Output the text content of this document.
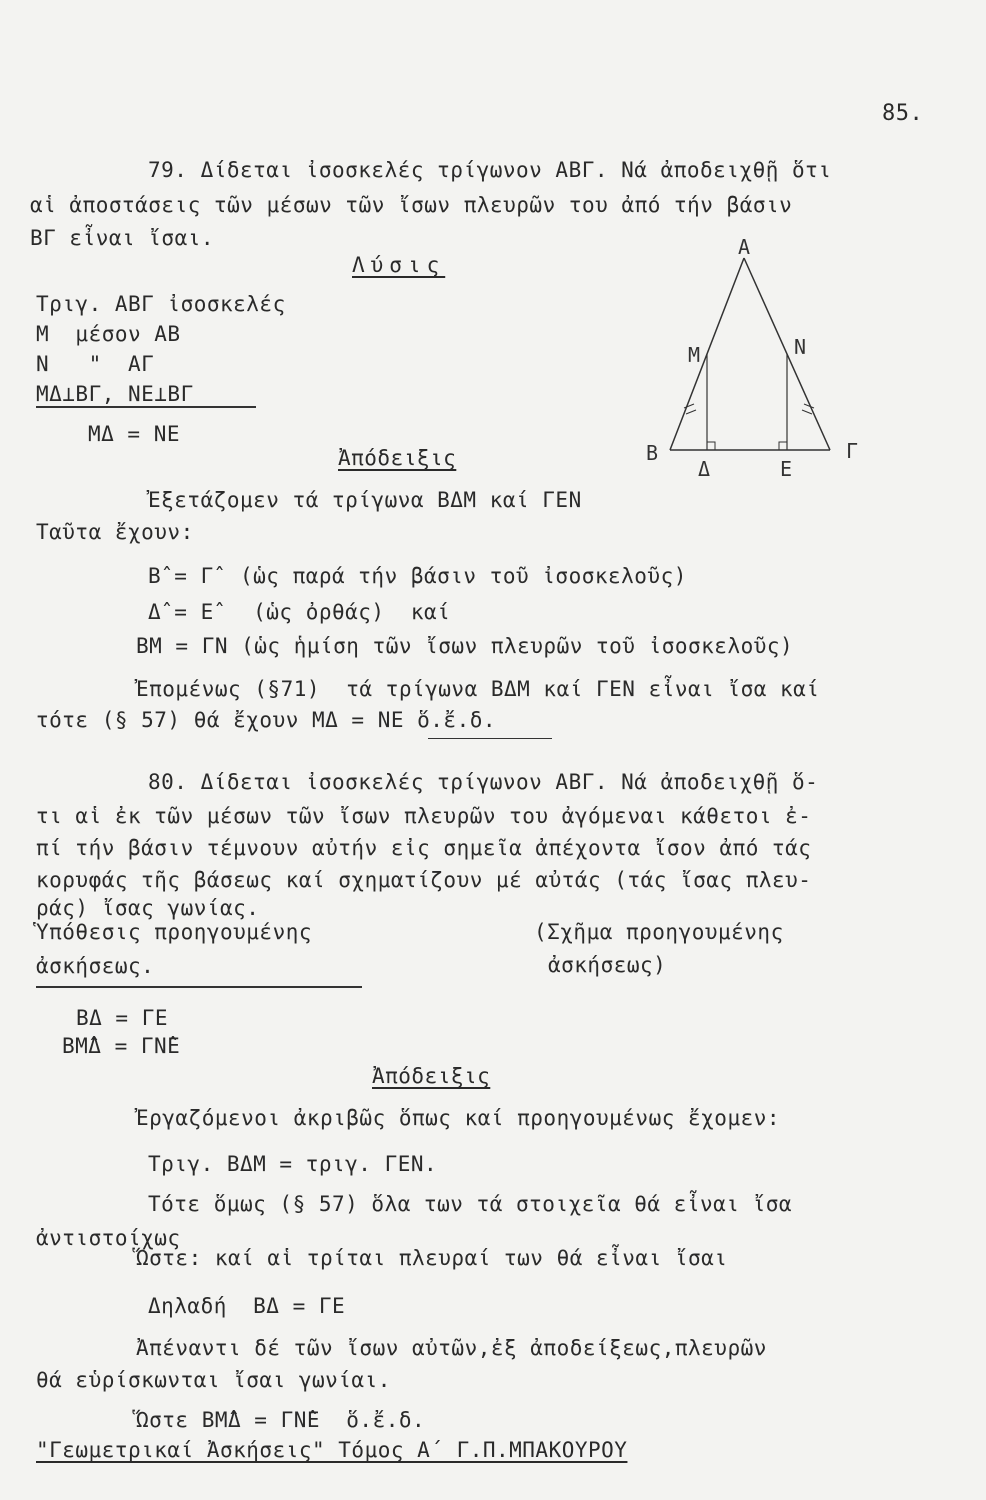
85.
79. Δίδεται ἰσοσκελές τρίγωνον ΑΒΓ. Νά ἀποδειχθῇ ὅτι
αἱ ἀποστάσεις τῶν μέσων τῶν ἴσων πλευρῶν του ἀπό τήν βάσιν
ΒΓ εἶναι ἴσαι.
Λύσις
Τριγ. ΑΒΓ ἰσοσκελές
Μ  μέσον ΑΒ
Ν   "  ΑΓ
ΜΔ⊥ΒΓ, ΝΕ⊥ΒΓ
ΜΔ = ΝΕ
Ἀπόδειξις
Ἐξετάζομεν τά τρίγωνα ΒΔΜ καί ΓΕΝ
Ταῦτα ἔχουν:
Β̂ = Γ̂  (ὡς παρά τήν βάσιν τοῦ ἰσοσκελοῦς)
Δ̂ = Ε̂   (ὡς ὀρθάς)  καί
ΒΜ = ΓΝ (ὡς ἡμίση τῶν ἴσων πλευρῶν τοῦ ἰσοσκελοῦς)
Ἐπομένως (§71)  τά τρίγωνα ΒΔΜ καί ΓΕΝ εἶναι ἴσα καί
τότε (§ 57) θά ἔχουν ΜΔ = ΝΕ ὅ.ἔ.δ.
Α
Β	Γ
Μ	Ν
Δ	Ε
80. Δίδεται ἰσοσκελές τρίγωνον ΑΒΓ. Νά ἀποδειχθῇ ὅ-
τι αἱ ἐκ τῶν μέσων τῶν ἴσων πλευρῶν του ἀγόμεναι κάθετοι ἐ-
πί τήν βάσιν τέμνουν αὐτήν εἰς σημεῖα ἀπέχοντα ἴσον ἀπό τάς
κορυφάς τῆς βάσεως καί σχηματίζουν μέ αὐτάς (τάς ἴσας πλευ-
ράς) ἴσας γωνίας.
Ὑπόθεσις προηγουμένης
ἀσκήσεως.
(Σχῆμα προηγουμένης
ἀσκήσεως)
ΒΔ = ΓΕ
ΒΜ̂Δ = ΓΝ̂Ε
Ἀπόδειξις
Ἐργαζόμενοι ἀκριβῶς ὅπως καί προηγουμένως ἔχομεν:
Τριγ. ΒΔΜ = τριγ. ΓΕΝ.
Τότε ὅμως (§ 57) ὅλα των τά στοιχεῖα θά εἶναι ἴσα
ἀντιστοίχως
Ὥστε: καί αἱ τρίται πλευραί των θά εἶναι ἴσαι
Δηλαδή  ΒΔ = ΓΕ
Ἀπέναντι δέ τῶν ἴσων αὐτῶν,ἐξ ἀποδείξεως,πλευρῶν
θά εὑρίσκωνται ἴσαι γωνίαι.
Ὥστε ΒΜ̂Δ = ΓΝ̂Ε  ὅ.ἔ.δ.
"Γεωμετρικαί Ἀσκήσεις" Τόμος Α΄ Γ.Π.ΜΠΑΚΟΥΡΟΥ
